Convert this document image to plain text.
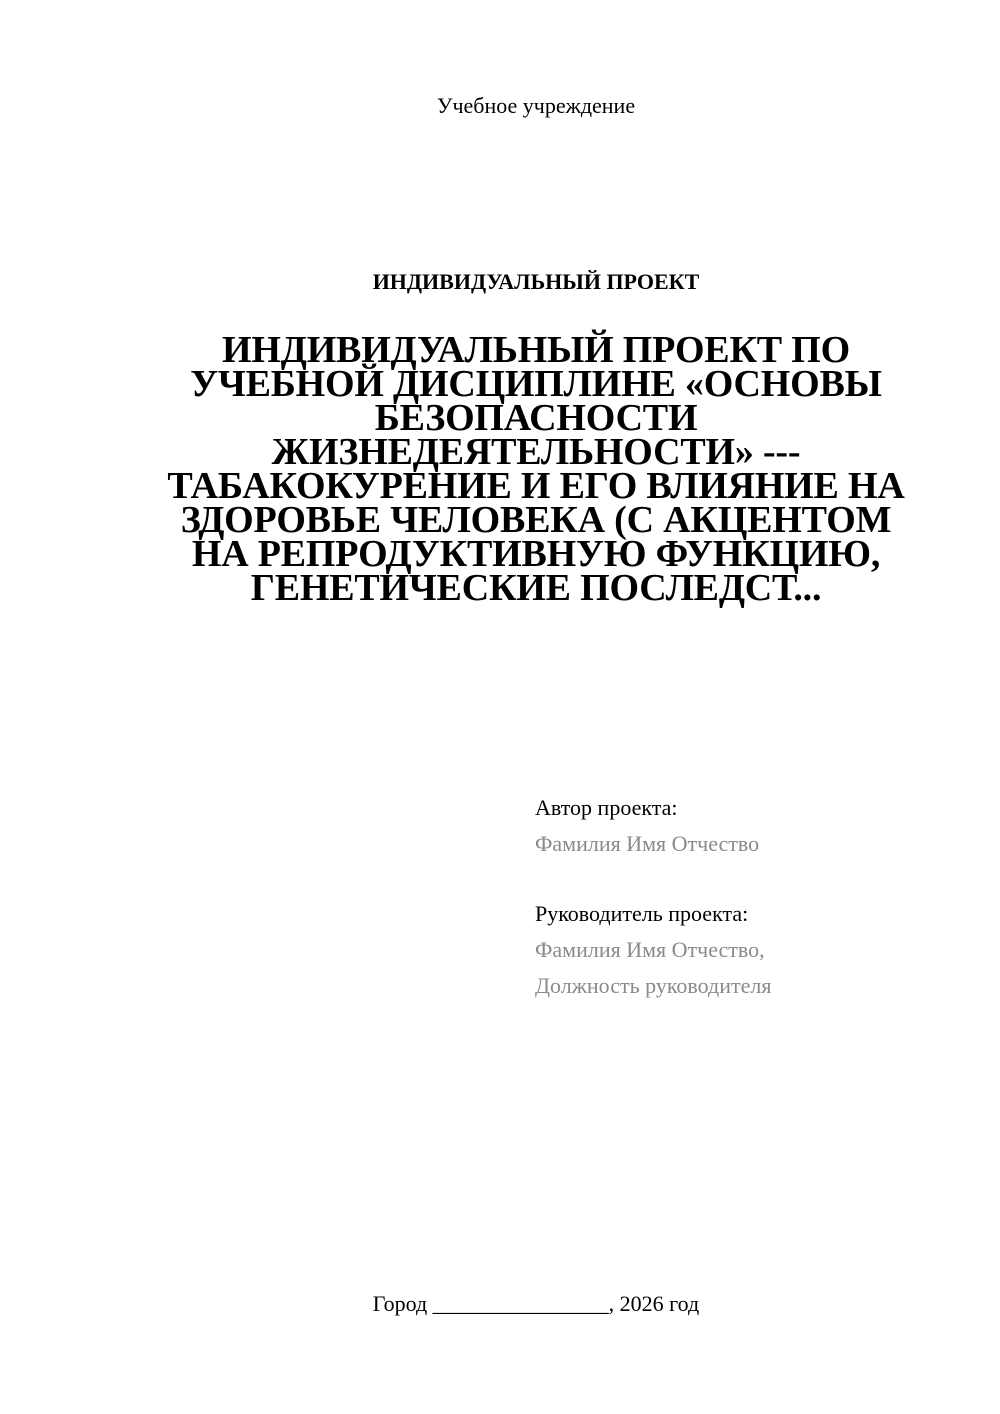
Учебное учреждение
ИНДИВИДУАЛЬНЫЙ ПРОЕКТ
ИНДИВИДУАЛЬНЫЙ ПРОЕКТ ПО УЧЕБНОЙ ДИСЦИПЛИНЕ «ОСНОВЫ БЕЗОПАСНОСТИ ЖИЗНЕДЕЯТЕЛЬНОСТИ» --- ТАБАКОКУРЕНИЕ И ЕГО ВЛИЯНИЕ НА ЗДОРОВЬЕ ЧЕЛОВЕКА (С АКЦЕНТОМ НА РЕПРОДУКТИВНУЮ ФУНКЦИЮ, ГЕНЕТИЧЕСКИЕ ПОСЛЕДСТ...
Автор проекта:
Фамилия Имя Отчество
Руководитель проекта:
Фамилия Имя Отчество,
Должность руководителя
Город ________________, 2026 год
